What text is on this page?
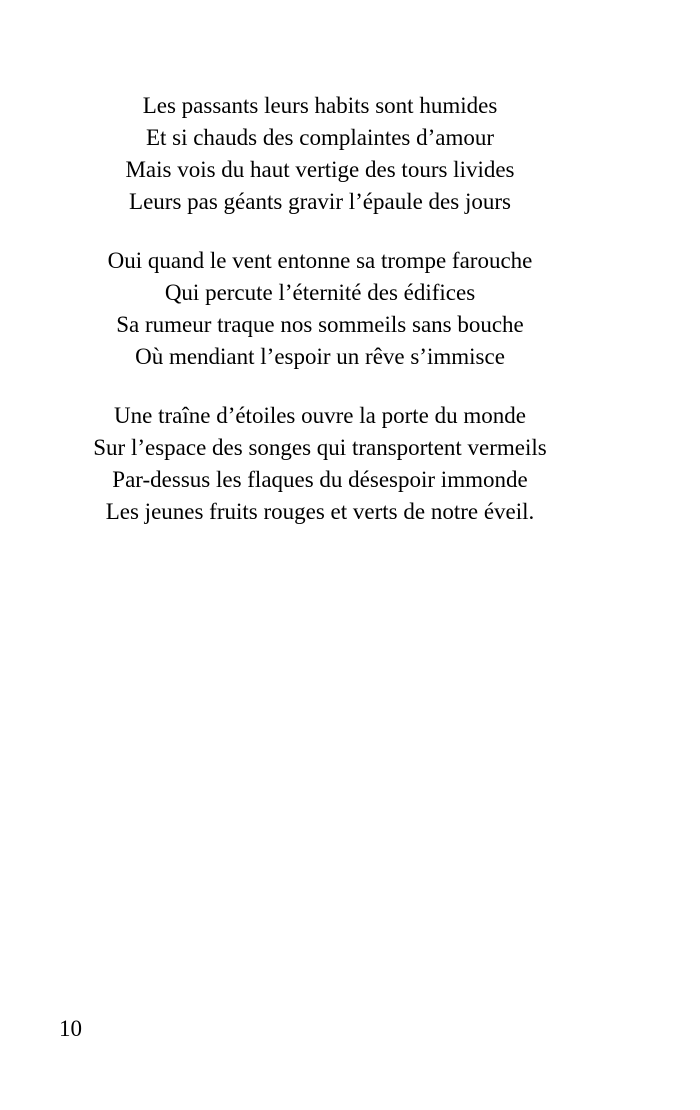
Les passants leurs habits sont humides
Et si chauds des complaintes d’amour
Mais vois du haut vertige des tours livides
Leurs pas géants gravir l’épaule des jours
Oui quand le vent entonne sa trompe farouche
Qui percute l’éternité des édifices
Sa rumeur traque nos sommeils sans bouche
Où mendiant l’espoir un rêve s’immisce
Une traîne d’étoiles ouvre la porte du monde
Sur l’espace des songes qui transportent vermeils
Par-dessus les flaques du désespoir immonde
Les jeunes fruits rouges et verts de notre éveil.
10
